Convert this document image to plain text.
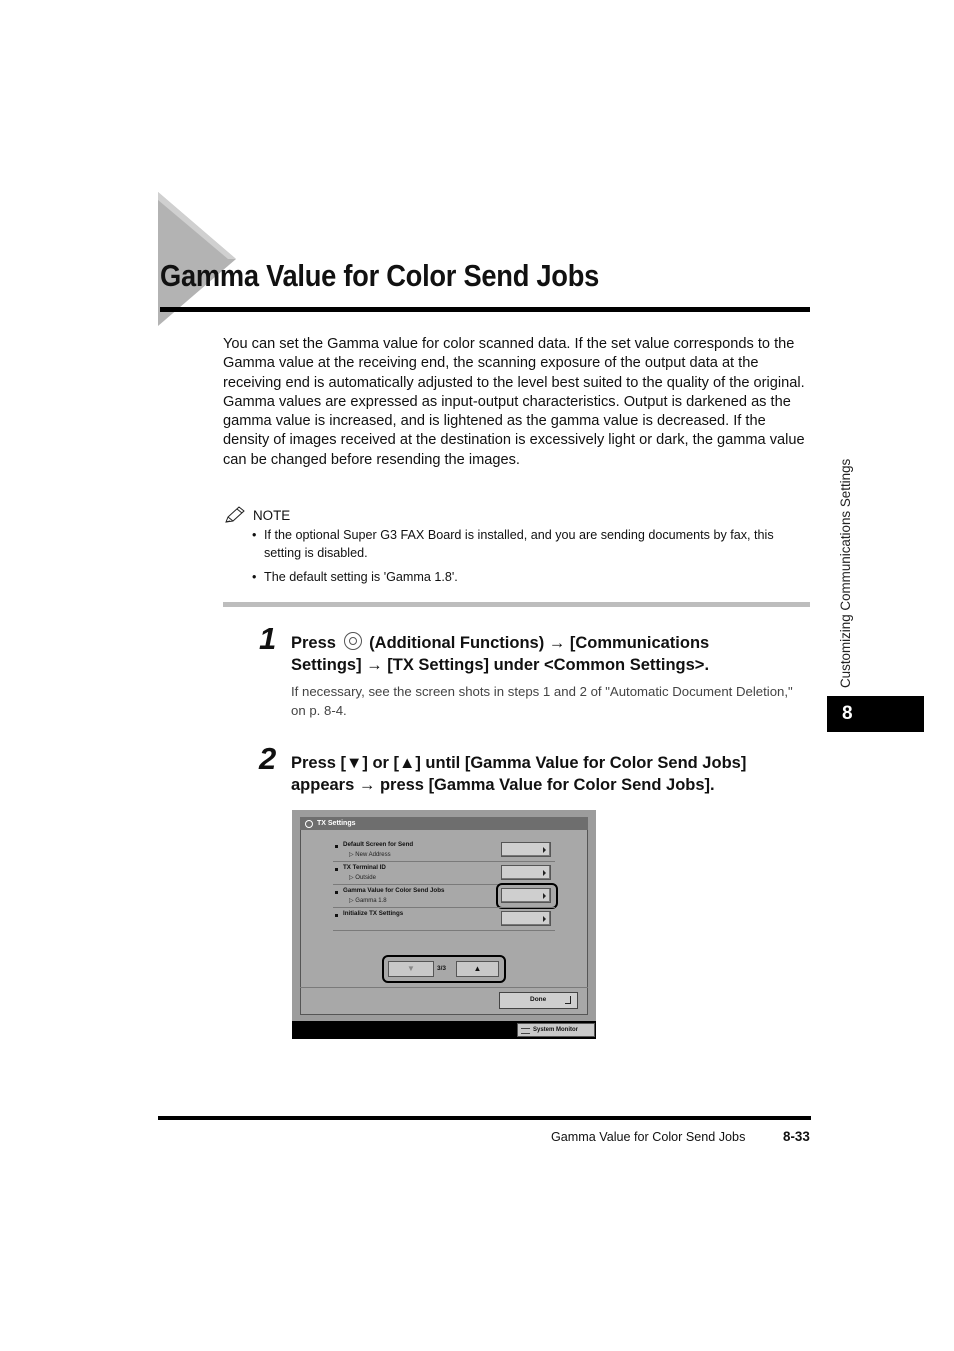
Gamma Value for Color Send Jobs
You can set the Gamma value for color scanned data. If the set value corresponds to the Gamma value at the receiving end, the scanning exposure of the output data at the receiving end is automatically adjusted to the level best suited to the quality of the original. Gamma values are expressed as input-output characteristics. Output is darkened as the gamma value is increased, and is lightened as the gamma value is decreased. If the density of images received at the destination is excessively light or dark, the gamma value can be changed before resending the images.
NOTE
• If the optional Super G3 FAX Board is installed, and you are sending documents by fax, this setting is disabled.
• The default setting is 'Gamma 1.8'.
1 Press (Additional Functions) → [Communications
Settings] → [TX Settings] under <Common Settings>.
If necessary, see the screen shots in steps 1 and 2 of "Automatic Document Deletion," on p. 8-4.
2 Press [▼] or [▲] until [Gamma Value for Color Send Jobs]
appears → press [Gamma Value for Color Send Jobs].
TX Settings
Default Screen for Send
▷ New Address
TX Terminal ID
▷ Outside
Gamma Value for Color Send Jobs
▷ Gamma 1.8
Initialize TX Settings
▼	3/3	▲
Done
System Monitor
Gamma Value for Color Send Jobs	8-33
Customizing Communications Settings
8
